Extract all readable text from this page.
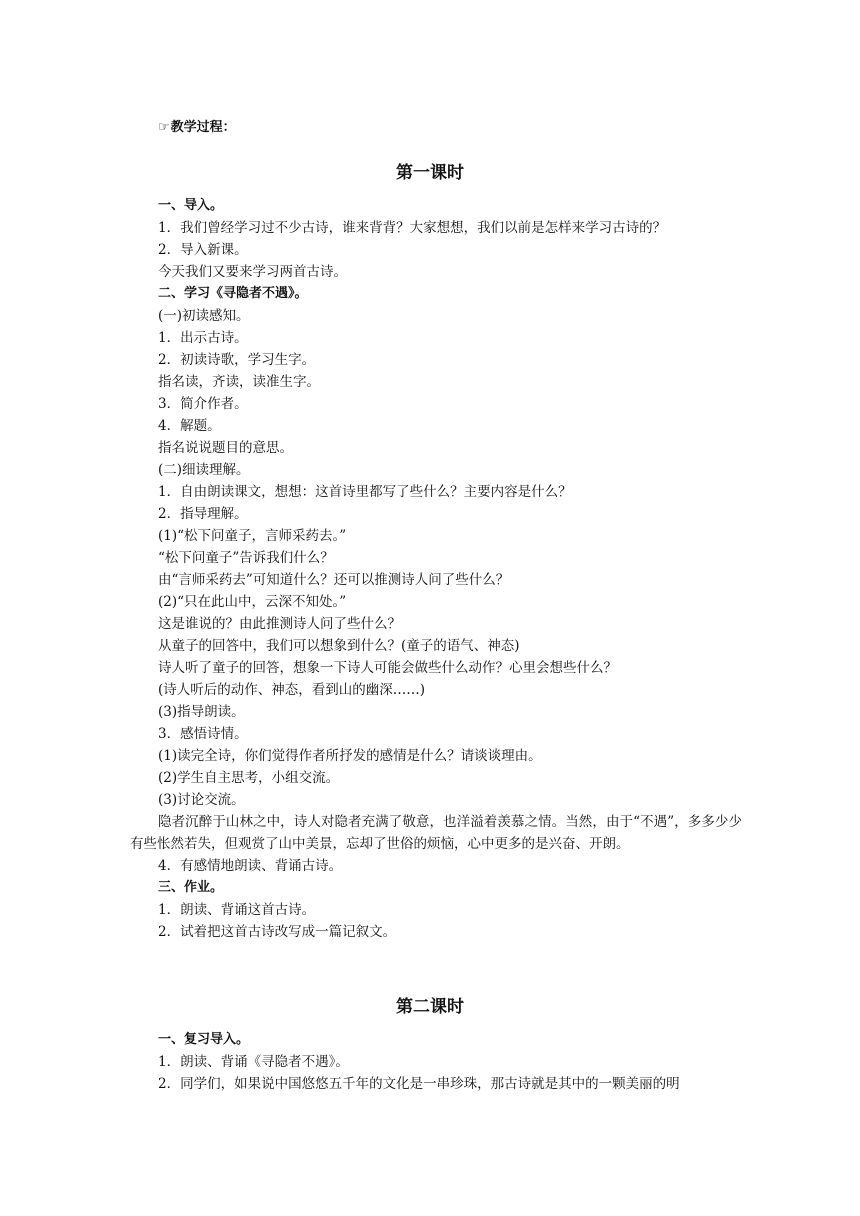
☞教学过程：
第一课时
一、导入。
1．我们曾经学习过不少古诗，谁来背背？大家想想，我们以前是怎样来学习古诗的？
2．导入新课。
今天我们又要来学习两首古诗。
二、学习《寻隐者不遇》。
(一)初读感知。
1．出示古诗。
2．初读诗歌，学习生字。
指名读，齐读，读准生字。
3．简介作者。
4．解题。
指名说说题目的意思。
(二)细读理解。
1．自由朗读课文，想想：这首诗里都写了些什么？主要内容是什么？
2．指导理解。
(1)“松下问童子，言师采药去。”
“松下问童子”告诉我们什么？
由“言师采药去”可知道什么？还可以推测诗人问了些什么？
(2)“只在此山中，云深不知处。”
这是谁说的？由此推测诗人问了些什么？
从童子的回答中，我们可以想象到什么？(童子的语气、神态)
诗人听了童子的回答，想象一下诗人可能会做些什么动作？心里会想些什么？
(诗人听后的动作、神态，看到山的幽深……)
(3)指导朗读。
3．感悟诗情。
(1)读完全诗，你们觉得作者所抒发的感情是什么？请谈谈理由。
(2)学生自主思考，小组交流。
(3)讨论交流。
隐者沉醉于山林之中，诗人对隐者充满了敬意，也洋溢着羡慕之情。当然，由于“不遇”，多多少少有些怅然若失，但观赏了山中美景，忘却了世俗的烦恼，心中更多的是兴奋、开朗。
4．有感情地朗读、背诵古诗。
三、作业。
1．朗读、背诵这首古诗。
2．试着把这首古诗改写成一篇记叙文。
第二课时
一、复习导入。
1．朗读、背诵《寻隐者不遇》。
2．同学们，如果说中国悠悠五千年的文化是一串珍珠，那古诗就是其中的一颗美丽的明
